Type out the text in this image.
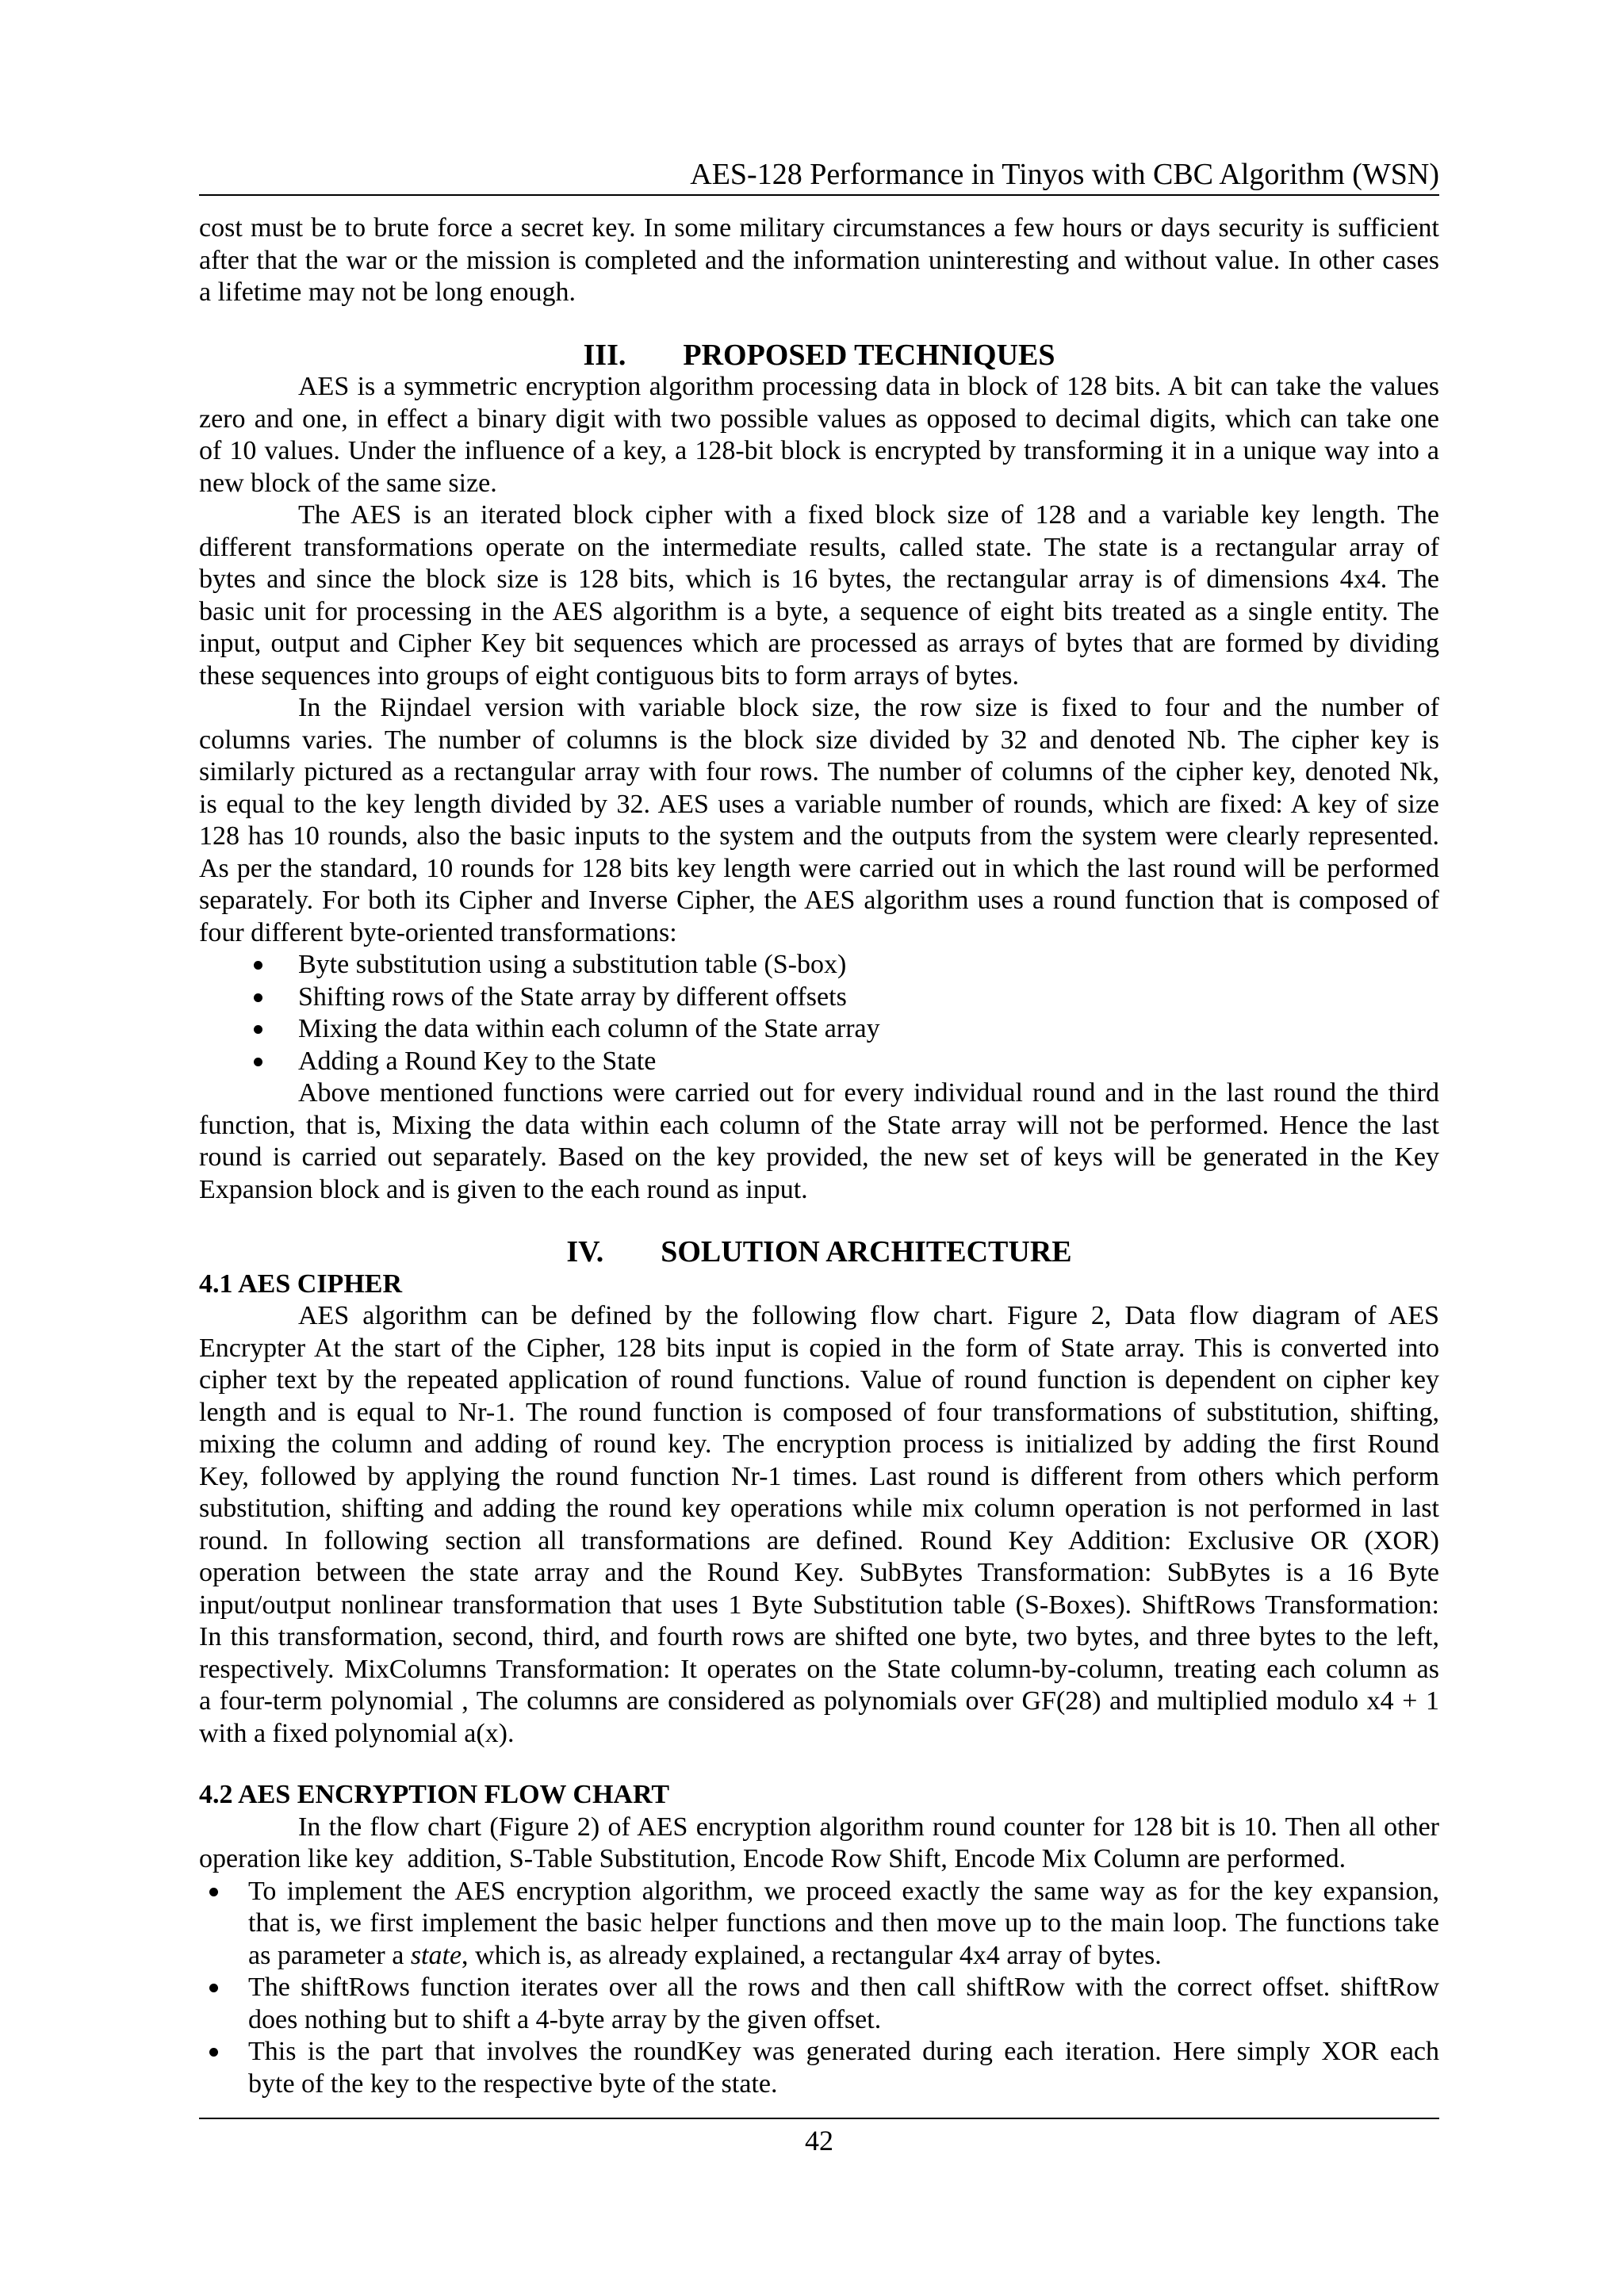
AES-128 Performance in Tinyos with CBC Algorithm (WSN)
cost must be to brute force a secret key. In some military circumstances a few hours or days security is sufficient
after that the war or the mission is completed and the information uninteresting and without value. In other cases
a lifetime may not be long enough.
III. PROPOSED TECHNIQUES
AES is a symmetric encryption algorithm processing data in block of 128 bits. A bit can take the values
zero and one, in effect a binary digit with two possible values as opposed to decimal digits, which can take one
of 10 values. Under the influence of a key, a 128-bit block is encrypted by transforming it in a unique way into a
new block of the same size.
The AES is an iterated block cipher with a fixed block size of 128 and a variable key length. The
different transformations operate on the intermediate results, called state. The state is a rectangular array of
bytes and since the block size is 128 bits, which is 16 bytes, the rectangular array is of dimensions 4x4. The
basic unit for processing in the AES algorithm is a byte, a sequence of eight bits treated as a single entity. The
input, output and Cipher Key bit sequences which are processed as arrays of bytes that are formed by dividing
these sequences into groups of eight contiguous bits to form arrays of bytes.
In the Rijndael version with variable block size, the row size is fixed to four and the number of
columns varies. The number of columns is the block size divided by 32 and denoted Nb. The cipher key is
similarly pictured as a rectangular array with four rows. The number of columns of the cipher key, denoted Nk,
is equal to the key length divided by 32. AES uses a variable number of rounds, which are fixed: A key of size
128 has 10 rounds, also the basic inputs to the system and the outputs from the system were clearly represented.
As per the standard, 10 rounds for 128 bits key length were carried out in which the last round will be performed
separately. For both its Cipher and Inverse Cipher, the AES algorithm uses a round function that is composed of
four different byte-oriented transformations:
Byte substitution using a substitution table (S-box)
Shifting rows of the State array by different offsets
Mixing the data within each column of the State array
Adding a Round Key to the State
Above mentioned functions were carried out for every individual round and in the last round the third
function, that is, Mixing the data within each column of the State array will not be performed. Hence the last
round is carried out separately. Based on the key provided, the new set of keys will be generated in the Key
Expansion block and is given to the each round as input.
IV. SOLUTION ARCHITECTURE
4.1 AES CIPHER
AES algorithm can be defined by the following flow chart. Figure 2, Data flow diagram of AES
Encrypter At the start of the Cipher, 128 bits input is copied in the form of State array. This is converted into
cipher text by the repeated application of round functions. Value of round function is dependent on cipher key
length and is equal to Nr-1. The round function is composed of four transformations of substitution, shifting,
mixing the column and adding of round key. The encryption process is initialized by adding the first Round
Key, followed by applying the round function Nr-1 times. Last round is different from others which perform
substitution, shifting and adding the round key operations while mix column operation is not performed in last
round. In following section all transformations are defined. Round Key Addition: Exclusive OR (XOR)
operation between the state array and the Round Key. SubBytes Transformation: SubBytes is a 16 Byte
input/output nonlinear transformation that uses 1 Byte Substitution table (S-Boxes). ShiftRows Transformation:
In this transformation, second, third, and fourth rows are shifted one byte, two bytes, and three bytes to the left,
respectively. MixColumns Transformation: It operates on the State column-by-column, treating each column as
a four-term polynomial , The columns are considered as polynomials over GF(28) and multiplied modulo x4 + 1
with a fixed polynomial a(x).
4.2 AES ENCRYPTION FLOW CHART
In the flow chart (Figure 2) of AES encryption algorithm round counter for 128 bit is 10. Then all other
operation like key  addition, S-Table Substitution, Encode Row Shift, Encode Mix Column are performed.
To implement the AES encryption algorithm, we proceed exactly the same way as for the key expansion,
that is, we first implement the basic helper functions and then move up to the main loop. The functions take
as parameter a state, which is, as already explained, a rectangular 4x4 array of bytes.
The shiftRows function iterates over all the rows and then call shiftRow with the correct offset. shiftRow
does nothing but to shift a 4-byte array by the given offset.
This is the part that involves the roundKey was generated during each iteration. Here simply XOR each
byte of the key to the respective byte of the state.
42
